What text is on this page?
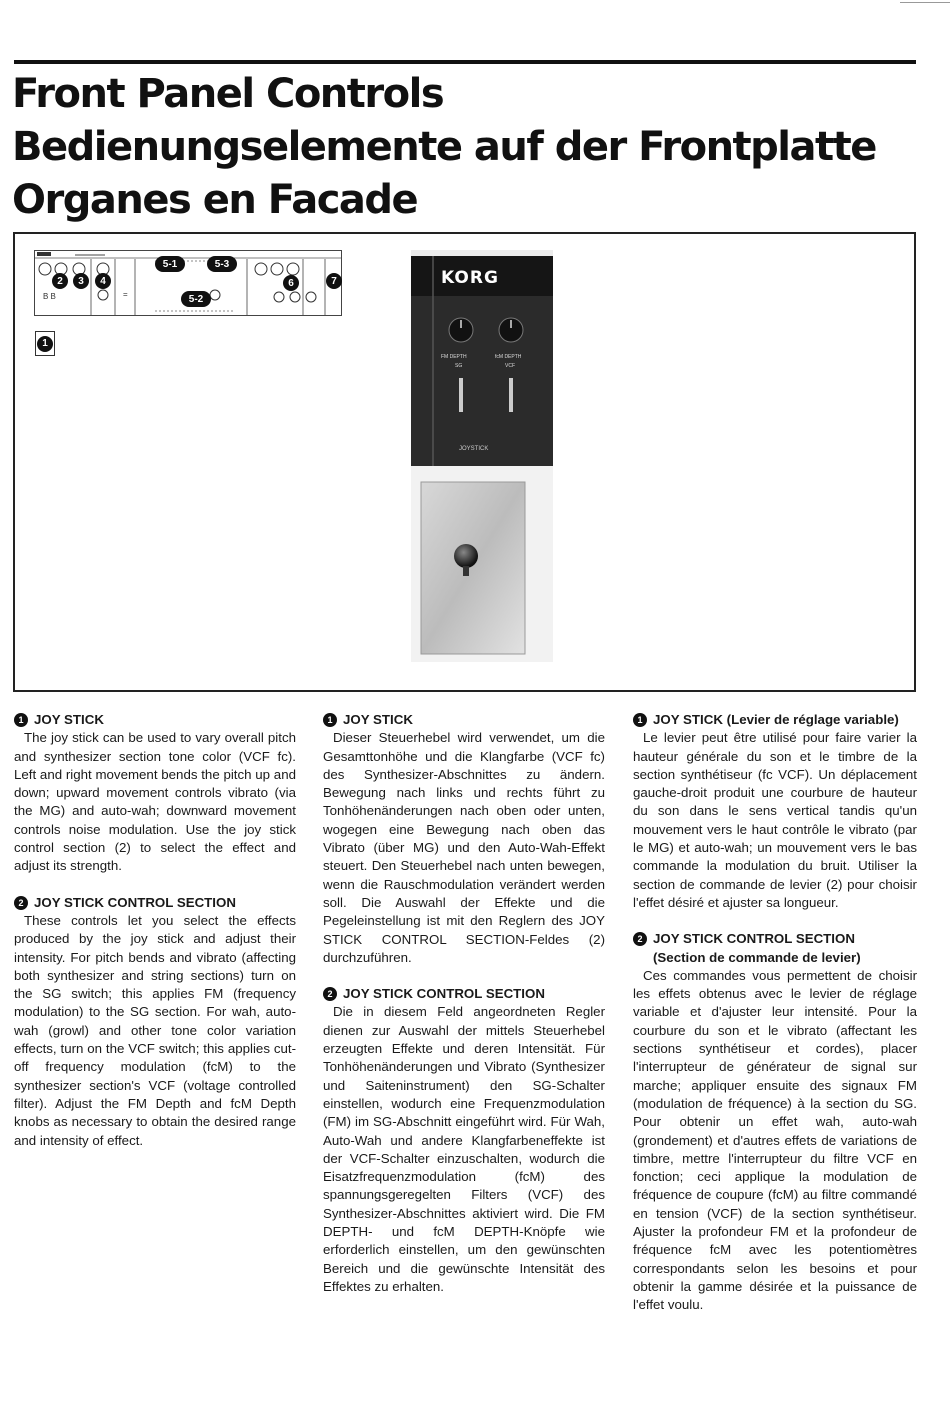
Front Panel Controls
Bedienungselemente auf der Frontplatte
Organes en Facade
B B	=
2	3	4
5-1
5-2
5-3
6	7
1
KORG
FM DEPTH	fcM DEPTH
SG	VCF
JOYSTICK
1 JOY STICK

The joy stick can be used to vary overall pitch and synthesizer section tone color (VCF fc). Left and right movement bends the pitch up and down; upward movement controls vibrato (via the MG) and auto-wah; downward movement controls noise modulation. Use the joy stick control section (2) to select the effect and adjust its strength.

2 JOY STICK CONTROL SECTION

These controls let you select the effects produced by the joy stick and adjust their intensity. For pitch bends and vibrato (affecting both synthesizer and string sections) turn on the SG switch; this applies FM (frequency modulation) to the SG section. For wah, auto-wah (growl) and other tone color variation effects, turn on the VCF switch; this applies cut-off frequency modulation (fcM) to the synthesizer section's VCF (voltage controlled filter). Adjust the FM Depth and fcM Depth knobs as necessary to obtain the desired range and intensity of effect.

1 JOY STICK

Dieser Steuerhebel wird verwendet, um die Gesamttonhöhe und die Klangfarbe (VCF fc) des Synthesizer-Abschnittes zu ändern. Bewegung nach links und rechts führt zu Tonhöhenänderungen nach oben oder unten, wogegen eine Bewegung nach oben das Vibrato (über MG) und den Auto-Wah-Effekt steuert. Den Steuerhebel nach unten bewegen, wenn die Rauschmodulation verändert werden soll. Die Auswahl der Effekte und die Pegeleinstellung ist mit den Reglern des JOY STICK CONTROL SECTION-Feldes (2) durchzuführen.

2 JOY STICK CONTROL SECTION

Die in diesem Feld angeordneten Regler dienen zur Auswahl der mittels Steuerhebel erzeugten Effekte und deren Intensität. Für Tonhöhenänderungen und Vibrato (Synthesizer und Saiteninstrument) den SG-Schalter einstellen, wodurch eine Frequenzmodulation (FM) im SG-Abschnitt eingeführt wird. Für Wah, Auto-Wah und andere Klangfarbeneffekte ist der VCF-Schalter einzuschalten, wodurch die Eisatzfrequenzmodulation (fcM) des spannungsgeregelten Filters (VCF) des Synthesizer-Abschnittes aktiviert wird. Die FM DEPTH- und fcM DEPTH-Knöpfe wie erforderlich einstellen, um den gewünschten Bereich und die gewünschte Intensität des Effektes zu erhalten.

1 JOY STICK (Levier de réglage variable)

Le levier peut être utilisé pour faire varier la hauteur générale du son et le timbre de la section synthétiseur (fc VCF). Un déplacement gauche-droit produit une courbure de hauteur du son dans le sens vertical tandis qu'un mouvement vers le haut contrôle le vibrato (par le MG) et auto-wah; un mouvement vers le bas commande la modulation du bruit. Utiliser la section de commande de levier (2) pour choisir l'effet désiré et ajuster sa longueur.

2 JOY STICK CONTROL SECTION
(Section de commande de levier)

Ces commandes vous permettent de choisir les effets obtenus avec le levier de réglage variable et d'ajuster leur intensité. Pour la courbure du son et le vibrato (affectant les sections synthétiseur et cordes), placer l'interrupteur de générateur de signal sur marche; appliquer ensuite des signaux FM (modulation de fréquence) à la section du SG. Pour obtenir un effet wah, auto-wah (grondement) et d'autres effets de variations de timbre, mettre l'interrupteur du filtre VCF en fonction; ceci applique la modulation de fréquence de coupure (fcM) au filtre commandé en tension (VCF) de la section synthétiseur. Ajuster la profondeur FM et la profondeur de fréquence fcM avec les potentiomètres correspondants selon les besoins et pour obtenir la gamme désirée et la puissance de l'effet voulu.
